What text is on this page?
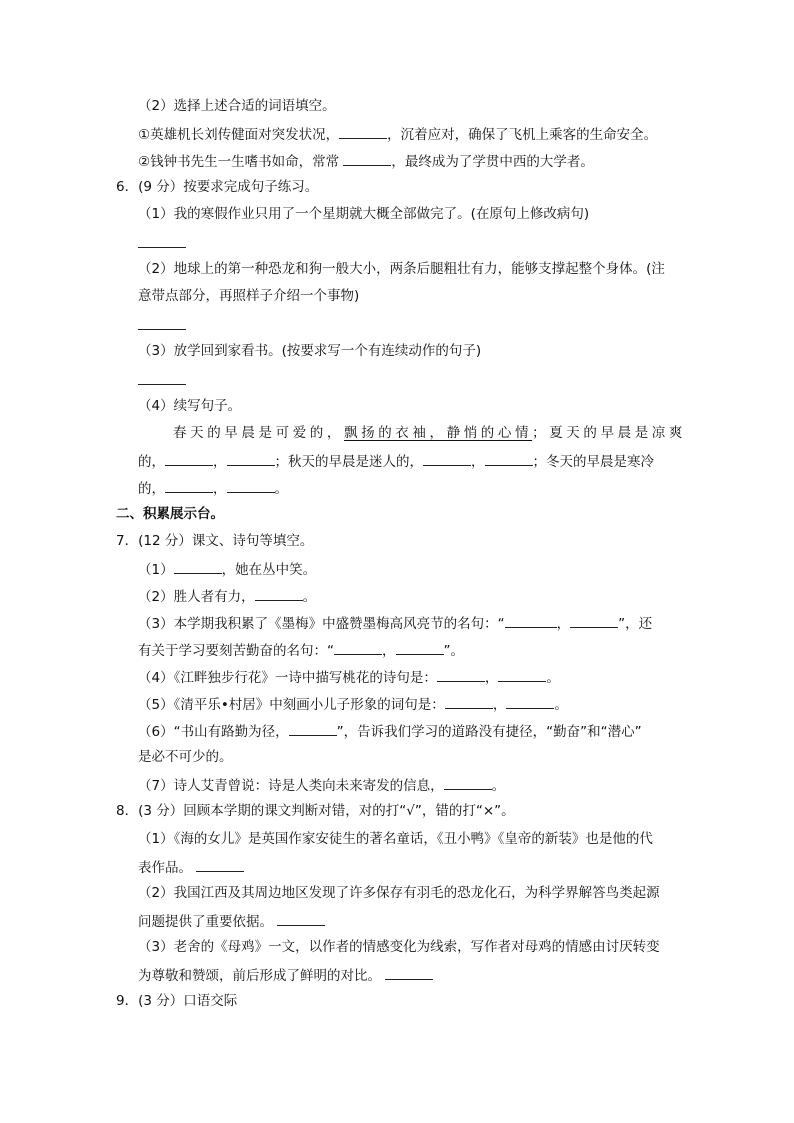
（2）选择上述合适的词语填空。
①英雄机长刘传健面对突发状况，	，沉着应对，确保了飞机上乘客的生命安全。
②钱钟书先生一生嗜书如命，常常	，最终成为了学贯中西的大学者。
6．(9 分）按要求完成句子练习。
（1）我的寒假作业只用了一个星期就大概全部做完了。(在原句上修改病句)
（2）地球上的第一种恐龙和狗一般大小，两条后腿粗壮有力，能够支撑起整个身体。(注
意带点部分，再照样子介绍一个事物)
（3）放学回到家看书。(按要求写一个有连续动作的句子)
（4）续写句子。
春天的早晨是可爱的，飘扬的衣袖，静悄的心情；夏天的早晨是凉爽
的，	，	；秋天的早晨是迷人的，	，	；冬天的早晨是寒冷
的，	，	。
二、积累展示台。
7．(12 分）课文、诗句等填空。
（1）	，她在丛中笑。
（2）胜人者有力，	。
（3）本学期我积累了《墨梅》中盛赞墨梅高风亮节的名句：“	，	”，还
有关于学习要刻苦勤奋的名句：“	，	”。
（4）《江畔独步行花》一诗中描写桃花的诗句是：	，	。
（5）《清平乐•村居》中刻画小儿子形象的词句是：	，	。
（6）“书山有路勤为径，	”，告诉我们学习的道路没有捷径，“勤奋”和“潜心”
是必不可少的。
（7）诗人艾青曾说：诗是人类向未来寄发的信息，	。
8．(3 分）回顾本学期的课文判断对错，对的打“√”，错的打“×”。
（1）《海的女儿》是英国作家安徒生的著名童话，《丑小鸭》《皇帝的新装》也是他的代
表作品。
（2）我国江西及其周边地区发现了许多保存有羽毛的恐龙化石，为科学界解答鸟类起源
问题提供了重要依据。
（3）老舍的《母鸡》一文，以作者的情感变化为线索，写作者对母鸡的情感由讨厌转变
为尊敬和赞颂，前后形成了鲜明的对比。
9．(3 分）口语交际
